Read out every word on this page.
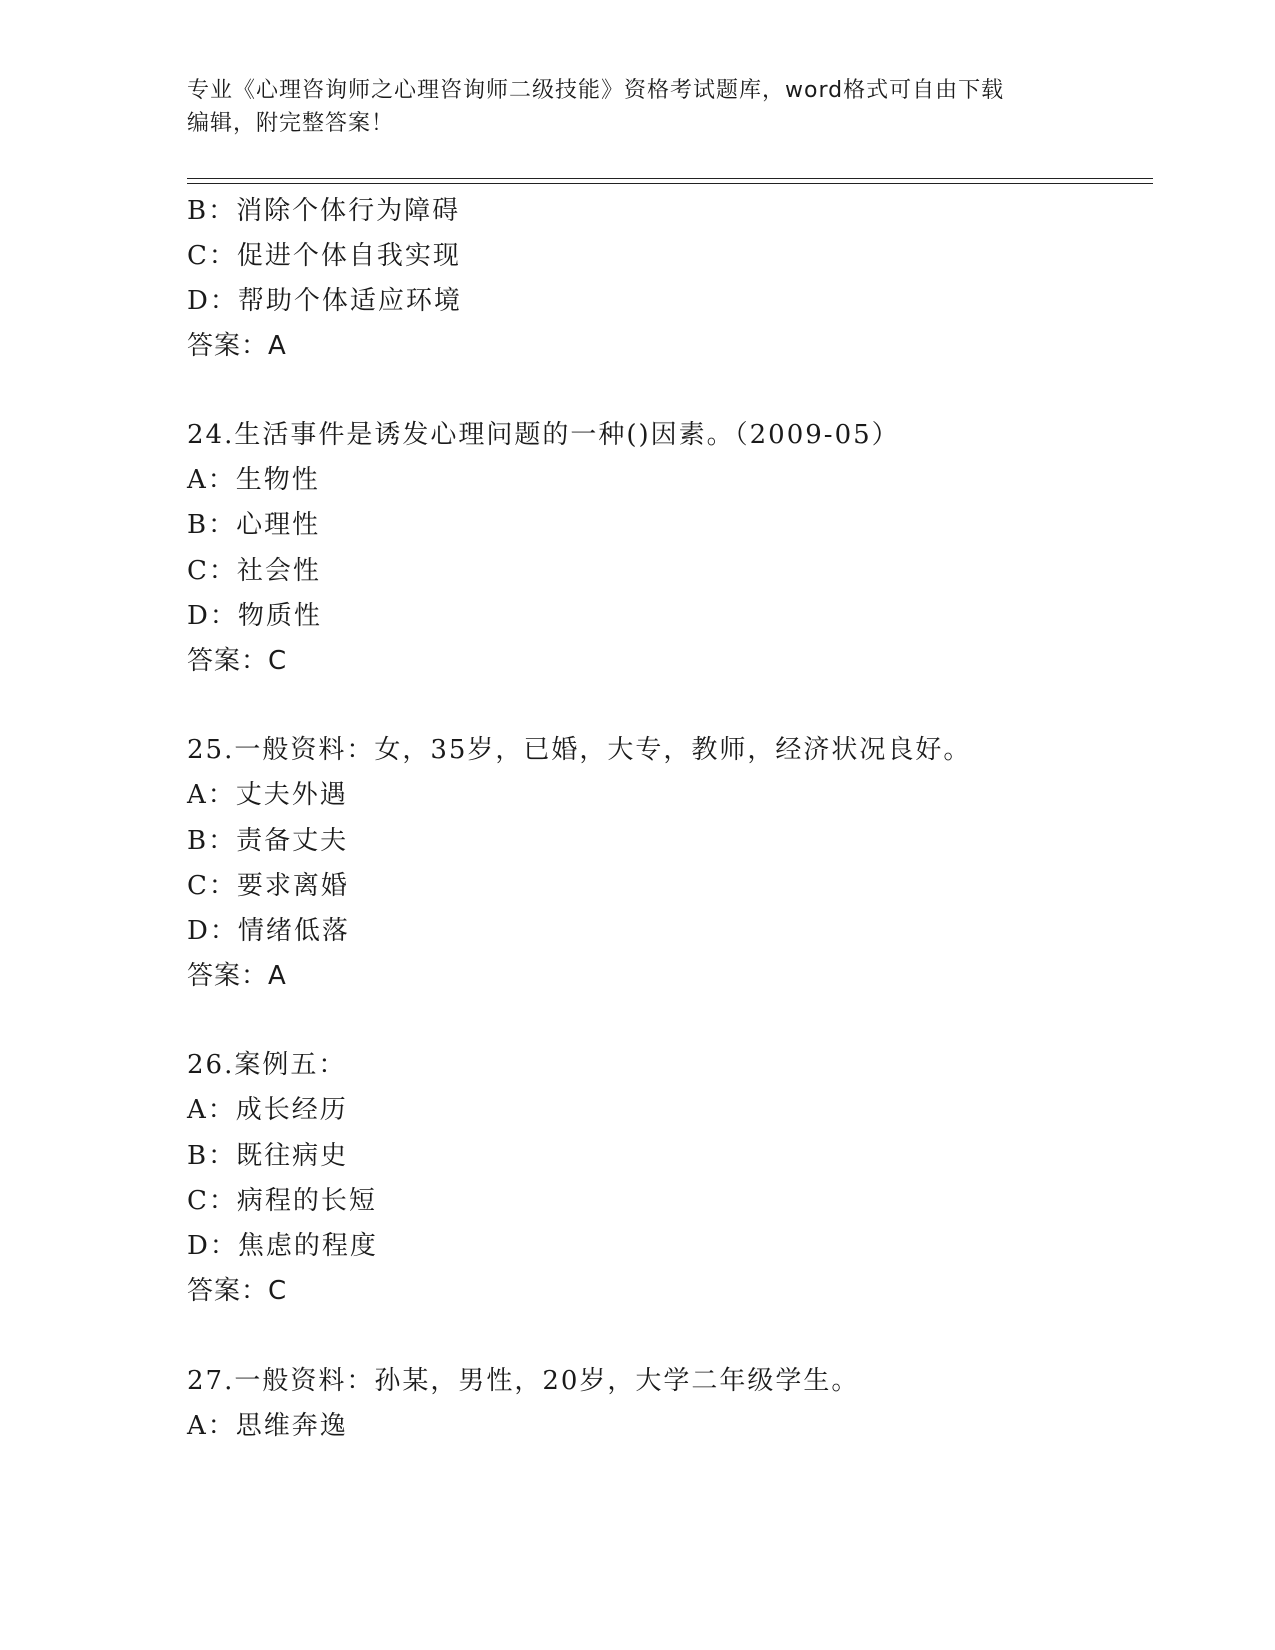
专业《心理咨询师之心理咨询师二级技能》资格考试题库，word格式可自由下载
编辑，附完整答案！
B：消除个体行为障碍
C：促进个体自我实现
D：帮助个体适应环境
答案：A
24.生活事件是诱发心理问题的一种()因素。（2009-05）
A：生物性
B：心理性
C：社会性
D：物质性
答案：C
25.一般资料：女，35岁，已婚，大专，教师，经济状况良好。
A：丈夫外遇
B：责备丈夫
C：要求离婚
D：情绪低落
答案：A
26.案例五：
A：成长经历
B：既往病史
C：病程的长短
D：焦虑的程度
答案：C
27.一般资料：孙某，男性，20岁，大学二年级学生。
A：思维奔逸
